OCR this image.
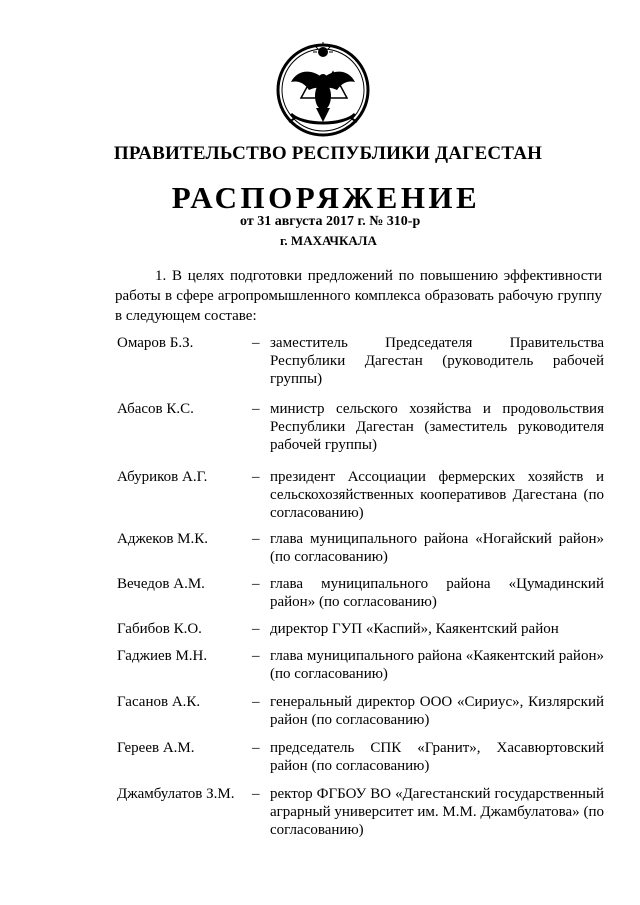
ПРАВИТЕЛЬСТВО РЕСПУБЛИКИ ДАГЕСТАН
РАСПОРЯЖЕНИЕ
от 31 августа 2017 г. № 310-р
г. МАХАЧКАЛА
1. В целях подготовки предложений по повышению эффективности работы в сфере агропромышленного комплекса образовать рабочую группу в следующем составе:
Омаров Б.З.	– заместитель Председателя Правительства Республики Дагестан (руководитель рабочей группы)
Абасов К.С.	– министр сельского хозяйства и продовольствия Республики Дагестан (заместитель руководителя рабочей группы)
Абуриков А.Г.	– президент Ассоциации фермерских хозяйств и сельскохозяйственных кооперативов Дагестана (по согласованию)
Аджеков М.К.	– глава муниципального района «Ногайский район» (по согласованию)
Вечедов А.М.	– глава муниципального района «Цумадинский район» (по согласованию)
Габибов К.О.	– директор ГУП «Каспий», Каякентский район
Гаджиев М.Н.	– глава муниципального района «Каякентский район» (по согласованию)
Гасанов А.К.	– генеральный директор ООО «Сириус», Кизлярский район (по согласованию)
Гереев А.М.	– председатель СПК «Гранит», Хасавюртовский район (по согласованию)
Джамбулатов З.М.	– ректор ФГБОУ ВО «Дагестанский государственный аграрный университет им. М.М. Джамбулатова» (по согласованию)
